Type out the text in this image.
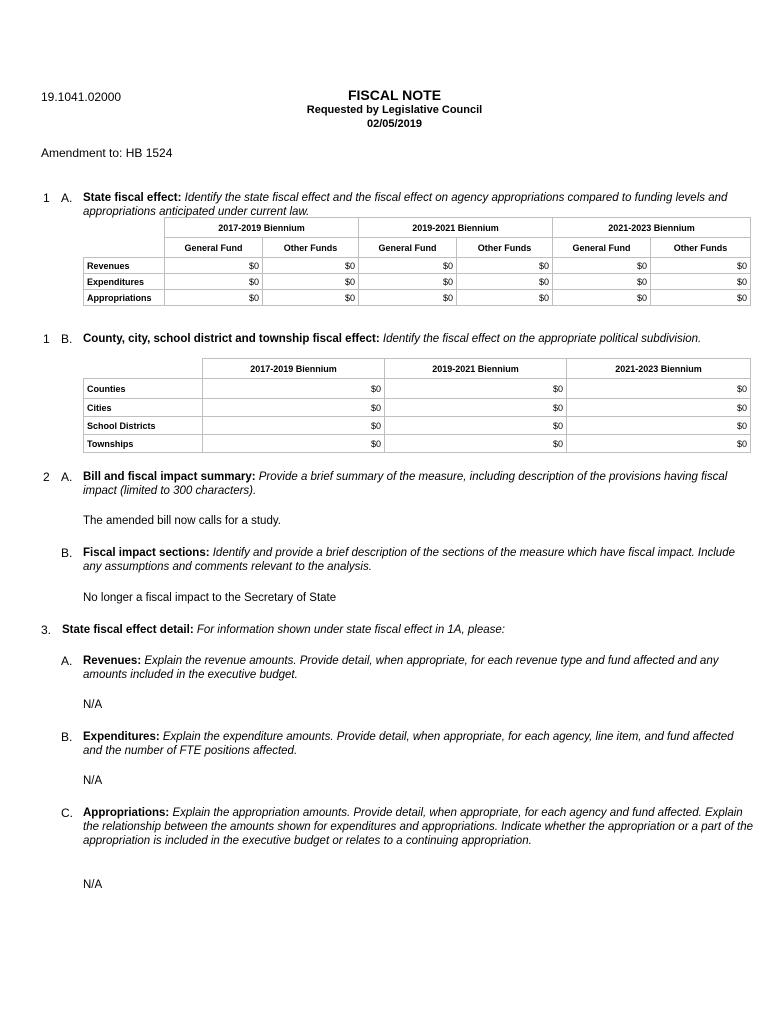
19.1041.02000	FISCAL NOTE
Requested by Legislative Council
02/05/2019
Amendment to: HB 1524
1 A. State fiscal effect: Identify the state fiscal effect and the fiscal effect on agency appropriations compared to funding levels and appropriations anticipated under current law.
	2017-2019 Biennium		2019-2021 Biennium		2021-2023 Biennium	
	General Fund	Other Funds	General Fund	Other Funds	General Fund	Other Funds
Revenues	$0	$0	$0	$0	$0	$0
Expenditures	$0	$0	$0	$0	$0	$0
Appropriations	$0	$0	$0	$0	$0	$0
1 B. County, city, school district and township fiscal effect: Identify the fiscal effect on the appropriate political subdivision.
	2017-2019 Biennium	2019-2021 Biennium	2021-2023 Biennium
Counties	$0	$0	$0
Cities	$0	$0	$0
School Districts	$0	$0	$0
Townships	$0	$0	$0
2 A. Bill and fiscal impact summary: Provide a brief summary of the measure, including description of the provisions having fiscal impact (limited to 300 characters).
The amended bill now calls for a study.
B. Fiscal impact sections: Identify and provide a brief description of the sections of the measure which have fiscal impact. Include any assumptions and comments relevant to the analysis.
No longer a fiscal impact to the Secretary of State
3. State fiscal effect detail: For information shown under state fiscal effect in 1A, please:
A. Revenues: Explain the revenue amounts. Provide detail, when appropriate, for each revenue type and fund affected and any amounts included in the executive budget.
N/A
B. Expenditures: Explain the expenditure amounts. Provide detail, when appropriate, for each agency, line item, and fund affected and the number of FTE positions affected.
N/A
C. Appropriations: Explain the appropriation amounts. Provide detail, when appropriate, for each agency and fund affected. Explain the relationship between the amounts shown for expenditures and appropriations. Indicate whether the appropriation or a part of the appropriation is included in the executive budget or relates to a continuing appropriation.
N/A
